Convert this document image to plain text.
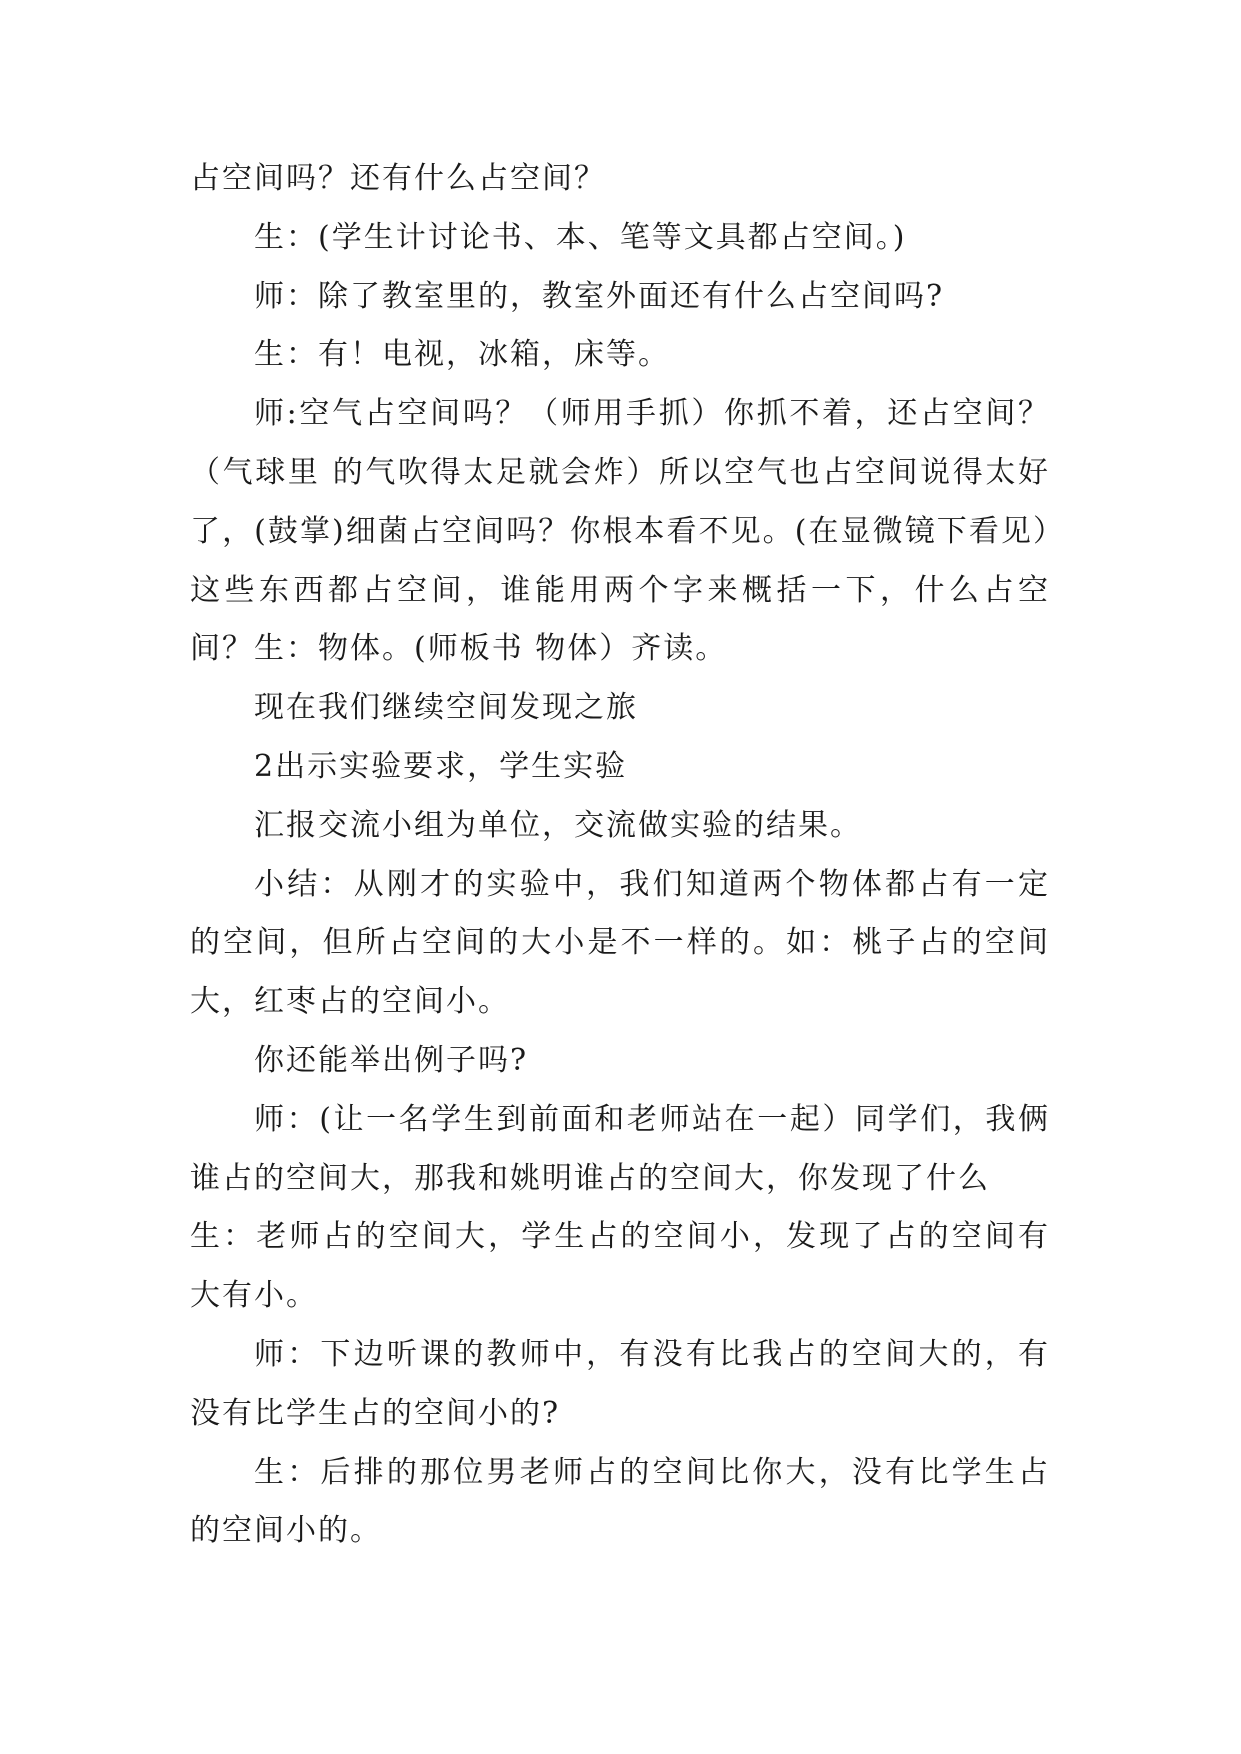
占空间吗？还有什么占空间？

生：(学生计讨论书、本、笔等文具都占空间。)

师：除了教室里的，教室外面还有什么占空间吗?

生：有！电视，冰箱，床等。

师:空气占空间吗？（师用手抓）你抓不着，还占空间？（气球里 的气吹得太足就会炸）所以空气也占空间说得太好了，(鼓掌)细菌占空间吗？你根本看不见。(在显微镜下看见）这些东西都占空间，谁能用两个字来概括一下，什么占空间？生：物体。(师板书 物体）齐读。

现在我们继续空间发现之旅

2出示实验要求，学生实验

汇报交流小组为单位，交流做实验的结果。

小结：从刚才的实验中，我们知道两个物体都占有一定的空间，但所占空间的大小是不一样的。如：桃子占的空间大，红枣占的空间小。

你还能举出例子吗?

师：(让一名学生到前面和老师站在一起）同学们，我俩谁占的空间大，那我和姚明谁占的空间大，你发现了什么

生：老师占的空间大，学生占的空间小，发现了占的空间有大有小。

师：下边听课的教师中，有没有比我占的空间大的，有没有比学生占的空间小的?

生：后排的那位男老师占的空间比你大，没有比学生占的空间小的。
